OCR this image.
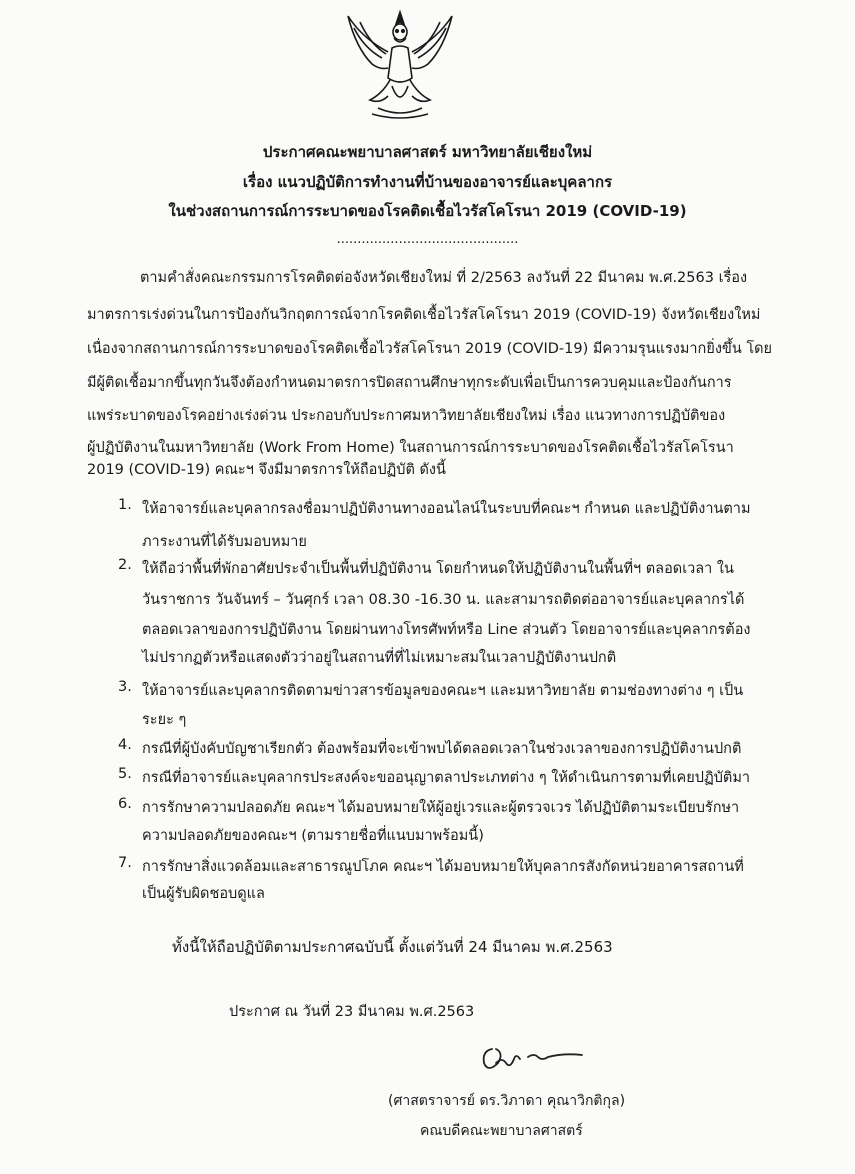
ประกาศคณะพยาบาลศาสตร์ มหาวิทยาลัยเชียงใหม่
เรื่อง แนวปฏิบัติการทำงานที่บ้านของอาจารย์และบุคลากร
ในช่วงสถานการณ์การระบาดของโรคติดเชื้อไวรัสโคโรนา 2019 (COVID-19)
............................................
ตามคำสั่งคณะกรรมการโรคติดต่อจังหวัดเชียงใหม่ ที่ 2/2563 ลงวันที่ 22 มีนาคม พ.ศ.2563 เรื่อง
มาตรการเร่งด่วนในการป้องกันวิกฤตการณ์จากโรคติดเชื้อไวรัสโคโรนา 2019 (COVID-19) จังหวัดเชียงใหม่
เนื่องจากสถานการณ์การระบาดของโรคติดเชื้อไวรัสโคโรนา 2019 (COVID-19) มีความรุนแรงมากยิ่งขึ้น โดย
มีผู้ติดเชื้อมากขึ้นทุกวันจึงต้องกำหนดมาตรการปิดสถานศึกษาทุกระดับเพื่อเป็นการควบคุมและป้องกันการ
แพร่ระบาดของโรคอย่างเร่งด่วน ประกอบกับประกาศมหาวิทยาลัยเชียงใหม่ เรื่อง แนวทางการปฏิบัติของ
ผู้ปฏิบัติงานในมหาวิทยาลัย (Work From Home) ในสถานการณ์การระบาดของโรคติดเชื้อไวรัสโคโรนา
2019 (COVID-19) คณะฯ จึงมีมาตรการให้ถือปฏิบัติ ดังนี้
1. ให้อาจารย์และบุคลากรลงชื่อมาปฏิบัติงานทางออนไลน์ในระบบที่คณะฯ กำหนด และปฏิบัติงานตาม
ภาระงานที่ได้รับมอบหมาย
2. ให้ถือว่าพื้นที่พักอาศัยประจำเป็นพื้นที่ปฏิบัติงาน โดยกำหนดให้ปฏิบัติงานในพื้นที่ฯ ตลอดเวลา ใน
วันราชการ วันจันทร์ – วันศุกร์ เวลา 08.30 -16.30 น. และสามารถติดต่ออาจารย์และบุคลากรได้
ตลอดเวลาของการปฏิบัติงาน โดยผ่านทางโทรศัพท์หรือ Line ส่วนตัว โดยอาจารย์และบุคลากรต้อง
ไม่ปรากฏตัวหรือแสดงตัวว่าอยู่ในสถานที่ที่ไม่เหมาะสมในเวลาปฏิบัติงานปกติ
3. ให้อาจารย์และบุคลากรติดตามข่าวสารข้อมูลของคณะฯ และมหาวิทยาลัย ตามช่องทางต่าง ๆ เป็น
ระยะ ๆ
4. กรณีที่ผู้บังคับบัญชาเรียกตัว ต้องพร้อมที่จะเข้าพบได้ตลอดเวลาในช่วงเวลาของการปฏิบัติงานปกติ
5. กรณีที่อาจารย์และบุคลากรประสงค์จะขออนุญาตลาประเภทต่าง ๆ ให้ดำเนินการตามที่เคยปฏิบัติมา
6. การรักษาความปลอดภัย คณะฯ ได้มอบหมายให้ผู้อยู่เวรและผู้ตรวจเวร ได้ปฏิบัติตามระเบียบรักษา
ความปลอดภัยของคณะฯ (ตามรายชื่อที่แนบมาพร้อมนี้)
7. การรักษาสิ่งแวดล้อมและสาธารณูปโภค คณะฯ ได้มอบหมายให้บุคลากรสังกัดหน่วยอาคารสถานที่
เป็นผู้รับผิดชอบดูแล
ทั้งนี้ให้ถือปฏิบัติตามประกาศฉบับนี้ ตั้งแต่วันที่ 24 มีนาคม พ.ศ.2563
ประกาศ ณ วันที่ 23 มีนาคม พ.ศ.2563
(ศาสตราจารย์ ดร.วิภาดา คุณาวิกติกุล)
คณบดีคณะพยาบาลศาสตร์
